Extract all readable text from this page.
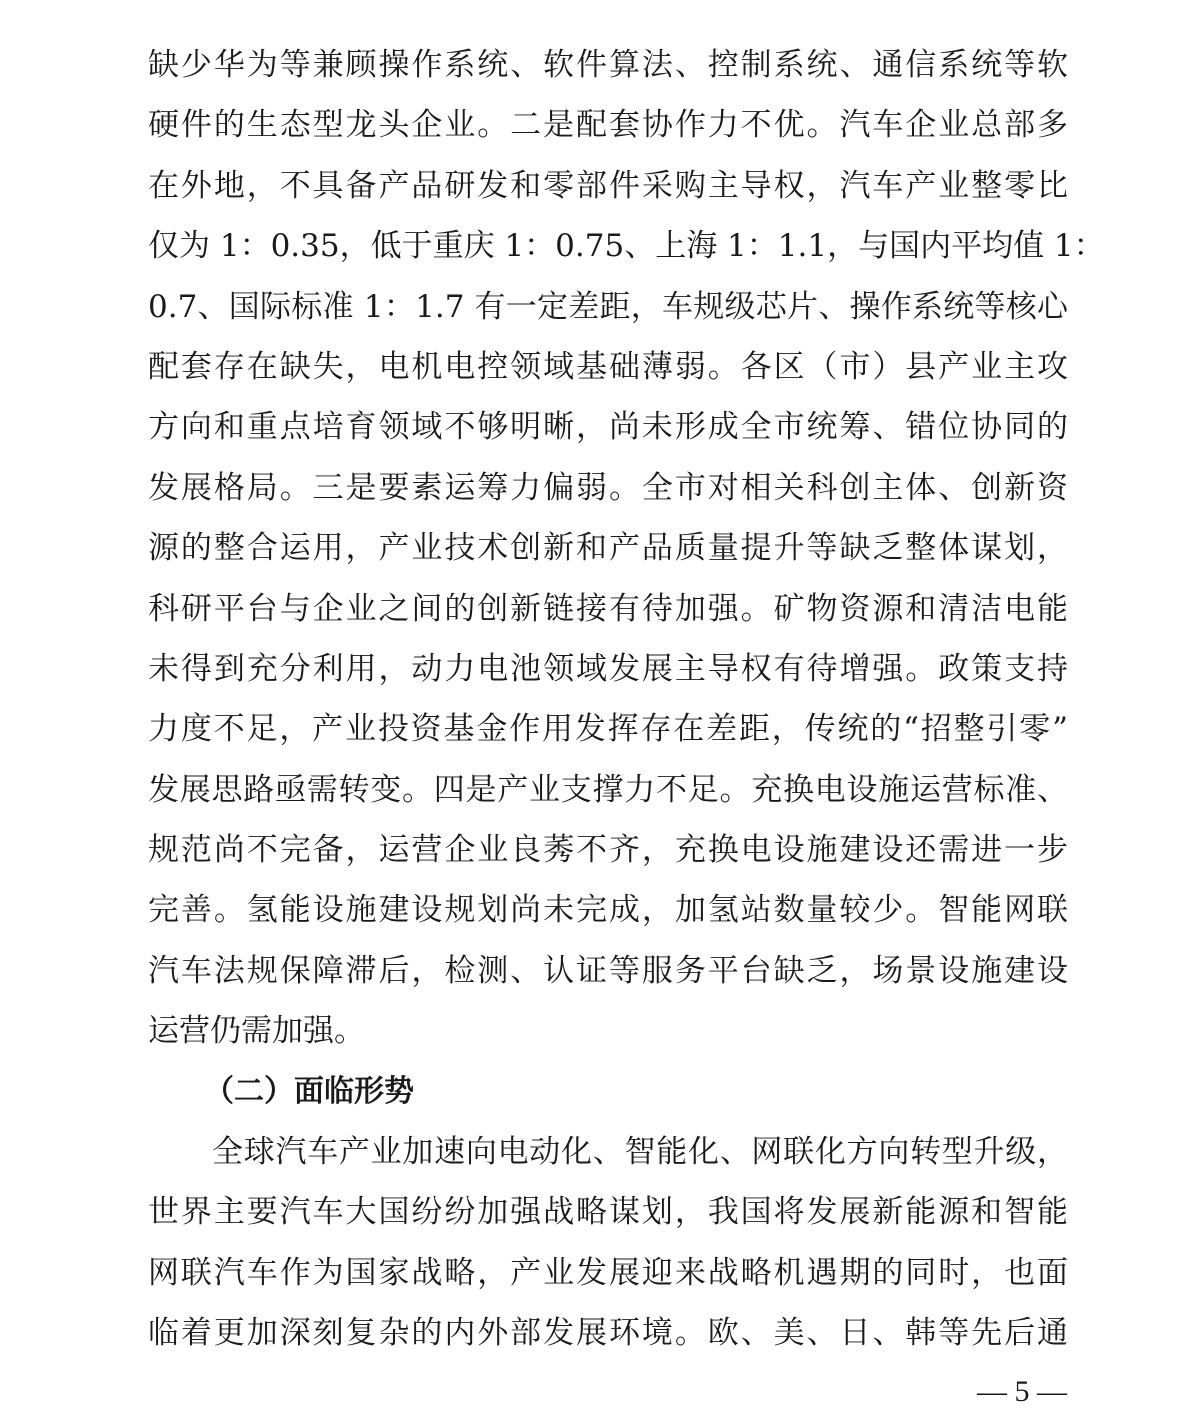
缺少华为等兼顾操作系统、软件算法、控制系统、通信系统等软
硬件的生态型龙头企业。二是配套协作力不优。汽车企业总部多
在外地，不具备产品研发和零部件采购主导权，汽车产业整零比
仅为 1：0.35，低于重庆 1：0.75、上海 1：1.1，与国内平均值 1：
0.7、国际标准 1：1.7 有一定差距，车规级芯片、操作系统等核心
配套存在缺失，电机电控领域基础薄弱。各区（市）县产业主攻
方向和重点培育领域不够明晰，尚未形成全市统筹、错位协同的
发展格局。三是要素运筹力偏弱。全市对相关科创主体、创新资
源的整合运用，产业技术创新和产品质量提升等缺乏整体谋划，
科研平台与企业之间的创新链接有待加强。矿物资源和清洁电能
未得到充分利用，动力电池领域发展主导权有待增强。政策支持
力度不足，产业投资基金作用发挥存在差距，传统的“招整引零”
发展思路亟需转变。四是产业支撑力不足。充换电设施运营标准、
规范尚不完备，运营企业良莠不齐，充换电设施建设还需进一步
完善。氢能设施建设规划尚未完成，加氢站数量较少。智能网联
汽车法规保障滞后，检测、认证等服务平台缺乏，场景设施建设
运营仍需加强。
（二）面临形势
全球汽车产业加速向电动化、智能化、网联化方向转型升级，
世界主要汽车大国纷纷加强战略谋划，我国将发展新能源和智能
网联汽车作为国家战略，产业发展迎来战略机遇期的同时，也面
临着更加深刻复杂的内外部发展环境。欧、美、日、韩等先后通
— 5 —
